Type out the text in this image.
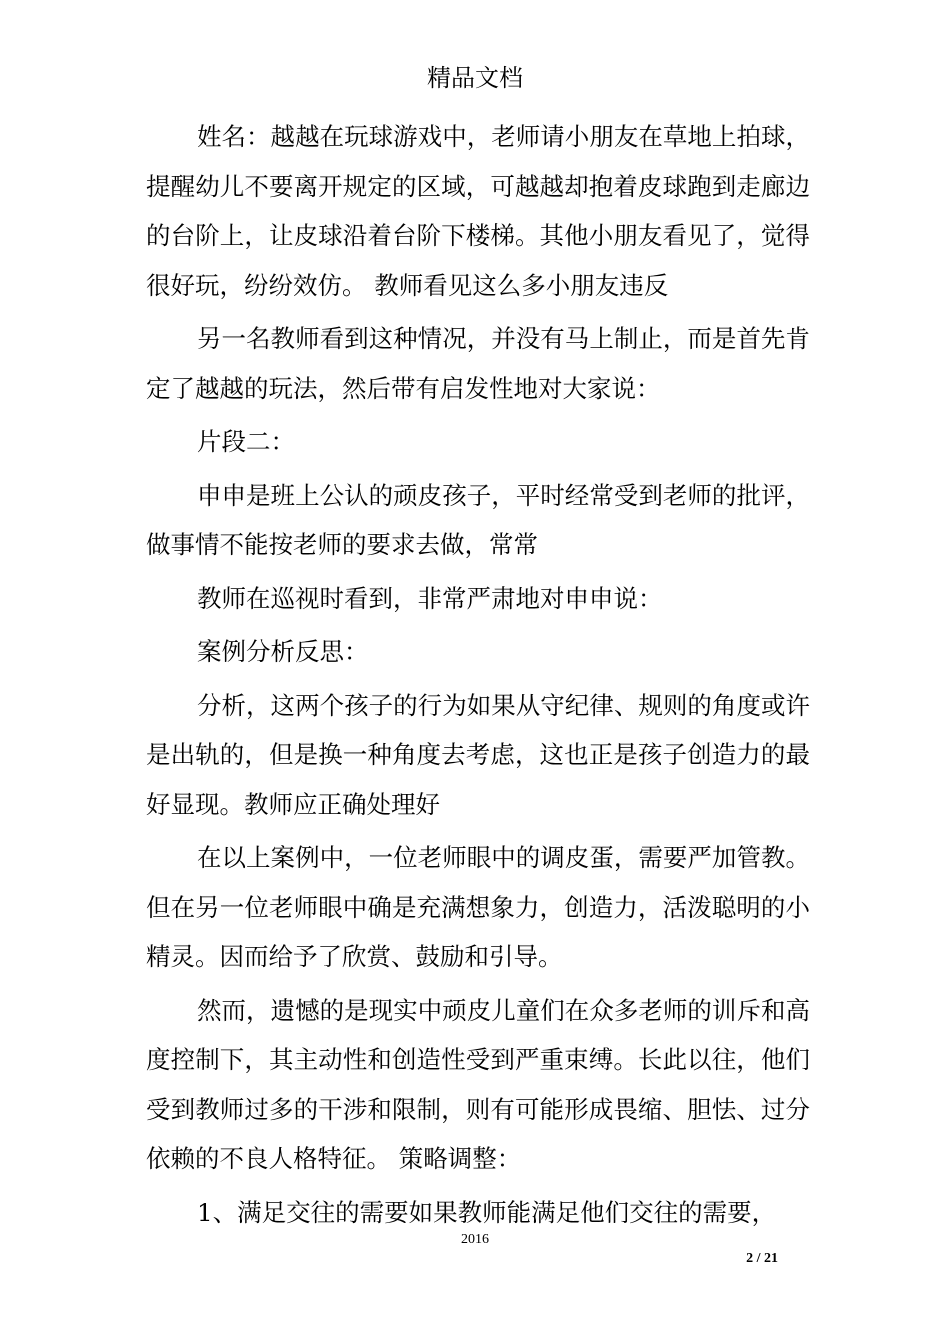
精品文档

姓名：越越在玩球游戏中，老师请小朋友在草地上拍球，提醒幼儿不要离开规定的区域，可越越却抱着皮球跑到走廊边的台阶上，让皮球沿着台阶下楼梯。其他小朋友看见了，觉得很好玩，纷纷效仿。 教师看见这么多小朋友违反

另一名教师看到这种情况，并没有马上制止，而是首先肯定了越越的玩法，然后带有启发性地对大家说：

片段二：

申申是班上公认的顽皮孩子，平时经常受到老师的批评，做事情不能按老师的要求去做，常常

教师在巡视时看到，非常严肃地对申申说：

案例分析反思：

分析，这两个孩子的行为如果从守纪律、规则的角度或许是出轨的，但是换一种角度去考虑，这也正是孩子创造力的最好显现。教师应正确处理好

在以上案例中，一位老师眼中的调皮蛋，需要严加管教。但在另一位老师眼中确是充满想象力，创造力，活泼聪明的小精灵。因而给予了欣赏、鼓励和引导。

然而，遗憾的是现实中顽皮儿童们在众多老师的训斥和高度控制下，其主动性和创造性受到严重束缚。长此以往，他们受到教师过多的干涉和限制，则有可能形成畏缩、胆怯、过分依赖的不良人格特征。 策略调整：

1、满足交往的需要如果教师能满足他们交往的需要，

2016
2 / 21
